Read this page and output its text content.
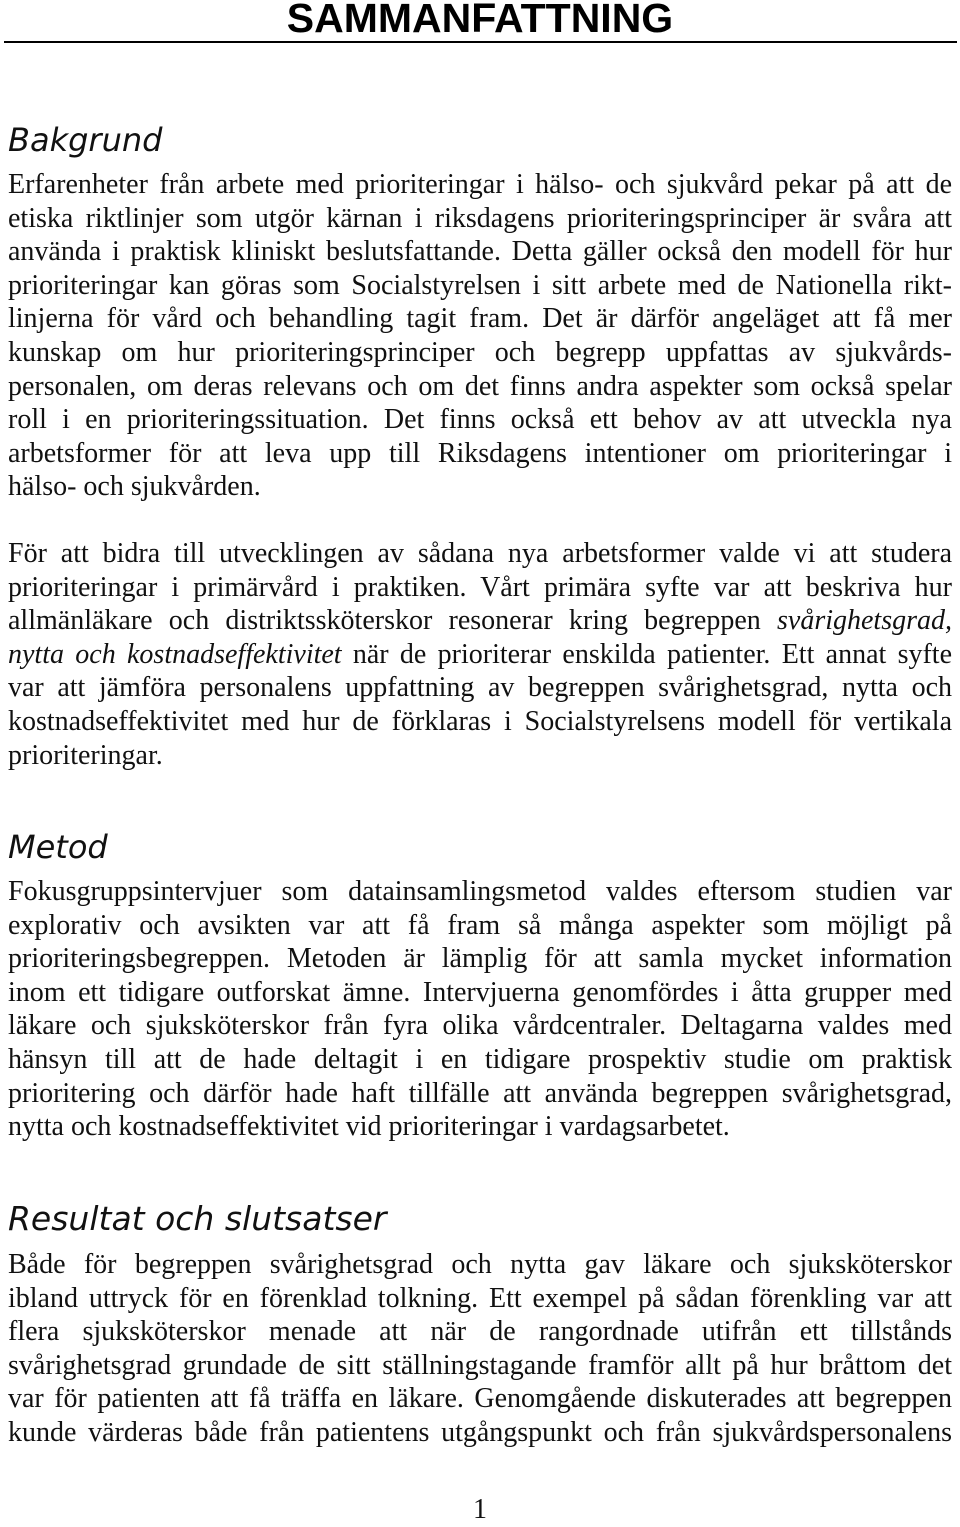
SAMMANFATTNING
Bakgrund
Erfarenheter från arbete med prioriteringar i hälso- och sjukvård pekar på att de
etiska riktlinjer som utgör kärnan i riksdagens prioriteringsprinciper är svåra att
använda i praktisk kliniskt beslutsfattande. Detta gäller också den modell för hur
prioriteringar kan göras som Socialstyrelsen i sitt arbete med de Nationella rikt-
linjerna för vård och behandling tagit fram. Det är därför angeläget att få mer
kunskap om hur prioriteringsprinciper och begrepp uppfattas av sjukvårds-
personalen, om deras relevans och om det finns andra aspekter som också spelar
roll i en prioriteringssituation. Det finns också ett behov av att utveckla nya
arbetsformer för att leva upp till Riksdagens intentioner om prioriteringar i
hälso- och sjukvården.
För att bidra till utvecklingen av sådana nya arbetsformer valde vi att studera
prioriteringar i primärvård i praktiken. Vårt primära syfte var att beskriva hur
allmänläkare och distriktssköterskor resonerar kring begreppen svårighetsgrad,
nytta och kostnadseffektivitet när de prioriterar enskilda patienter. Ett annat syfte
var att jämföra personalens uppfattning av begreppen svårighetsgrad, nytta och
kostnadseffektivitet med hur de förklaras i Socialstyrelsens modell för vertikala
prioriteringar.
Metod
Fokusgruppsintervjuer som datainsamlingsmetod valdes eftersom studien var
explorativ och avsikten var att få fram så många aspekter som möjligt på
prioriteringsbegreppen. Metoden är lämplig för att samla mycket information
inom ett tidigare outforskat ämne. Intervjuerna genomfördes i åtta grupper med
läkare och sjuksköterskor från fyra olika vårdcentraler. Deltagarna valdes med
hänsyn till att de hade deltagit i en tidigare prospektiv studie om praktisk
prioritering och därför hade haft tillfälle att använda begreppen svårighetsgrad,
nytta och kostnadseffektivitet vid prioriteringar i vardagsarbetet.
Resultat och slutsatser
Både för begreppen svårighetsgrad och nytta gav läkare och sjuksköterskor
ibland uttryck för en förenklad tolkning. Ett exempel på sådan förenkling var att
flera sjuksköterskor menade att när de rangordnade utifrån ett tillstånds
svårighetsgrad grundade de sitt ställningstagande framför allt på hur bråttom det
var för patienten att få träffa en läkare. Genomgående diskuterades att begreppen
kunde värderas både från patientens utgångspunkt och från sjukvårdspersonalens
1
